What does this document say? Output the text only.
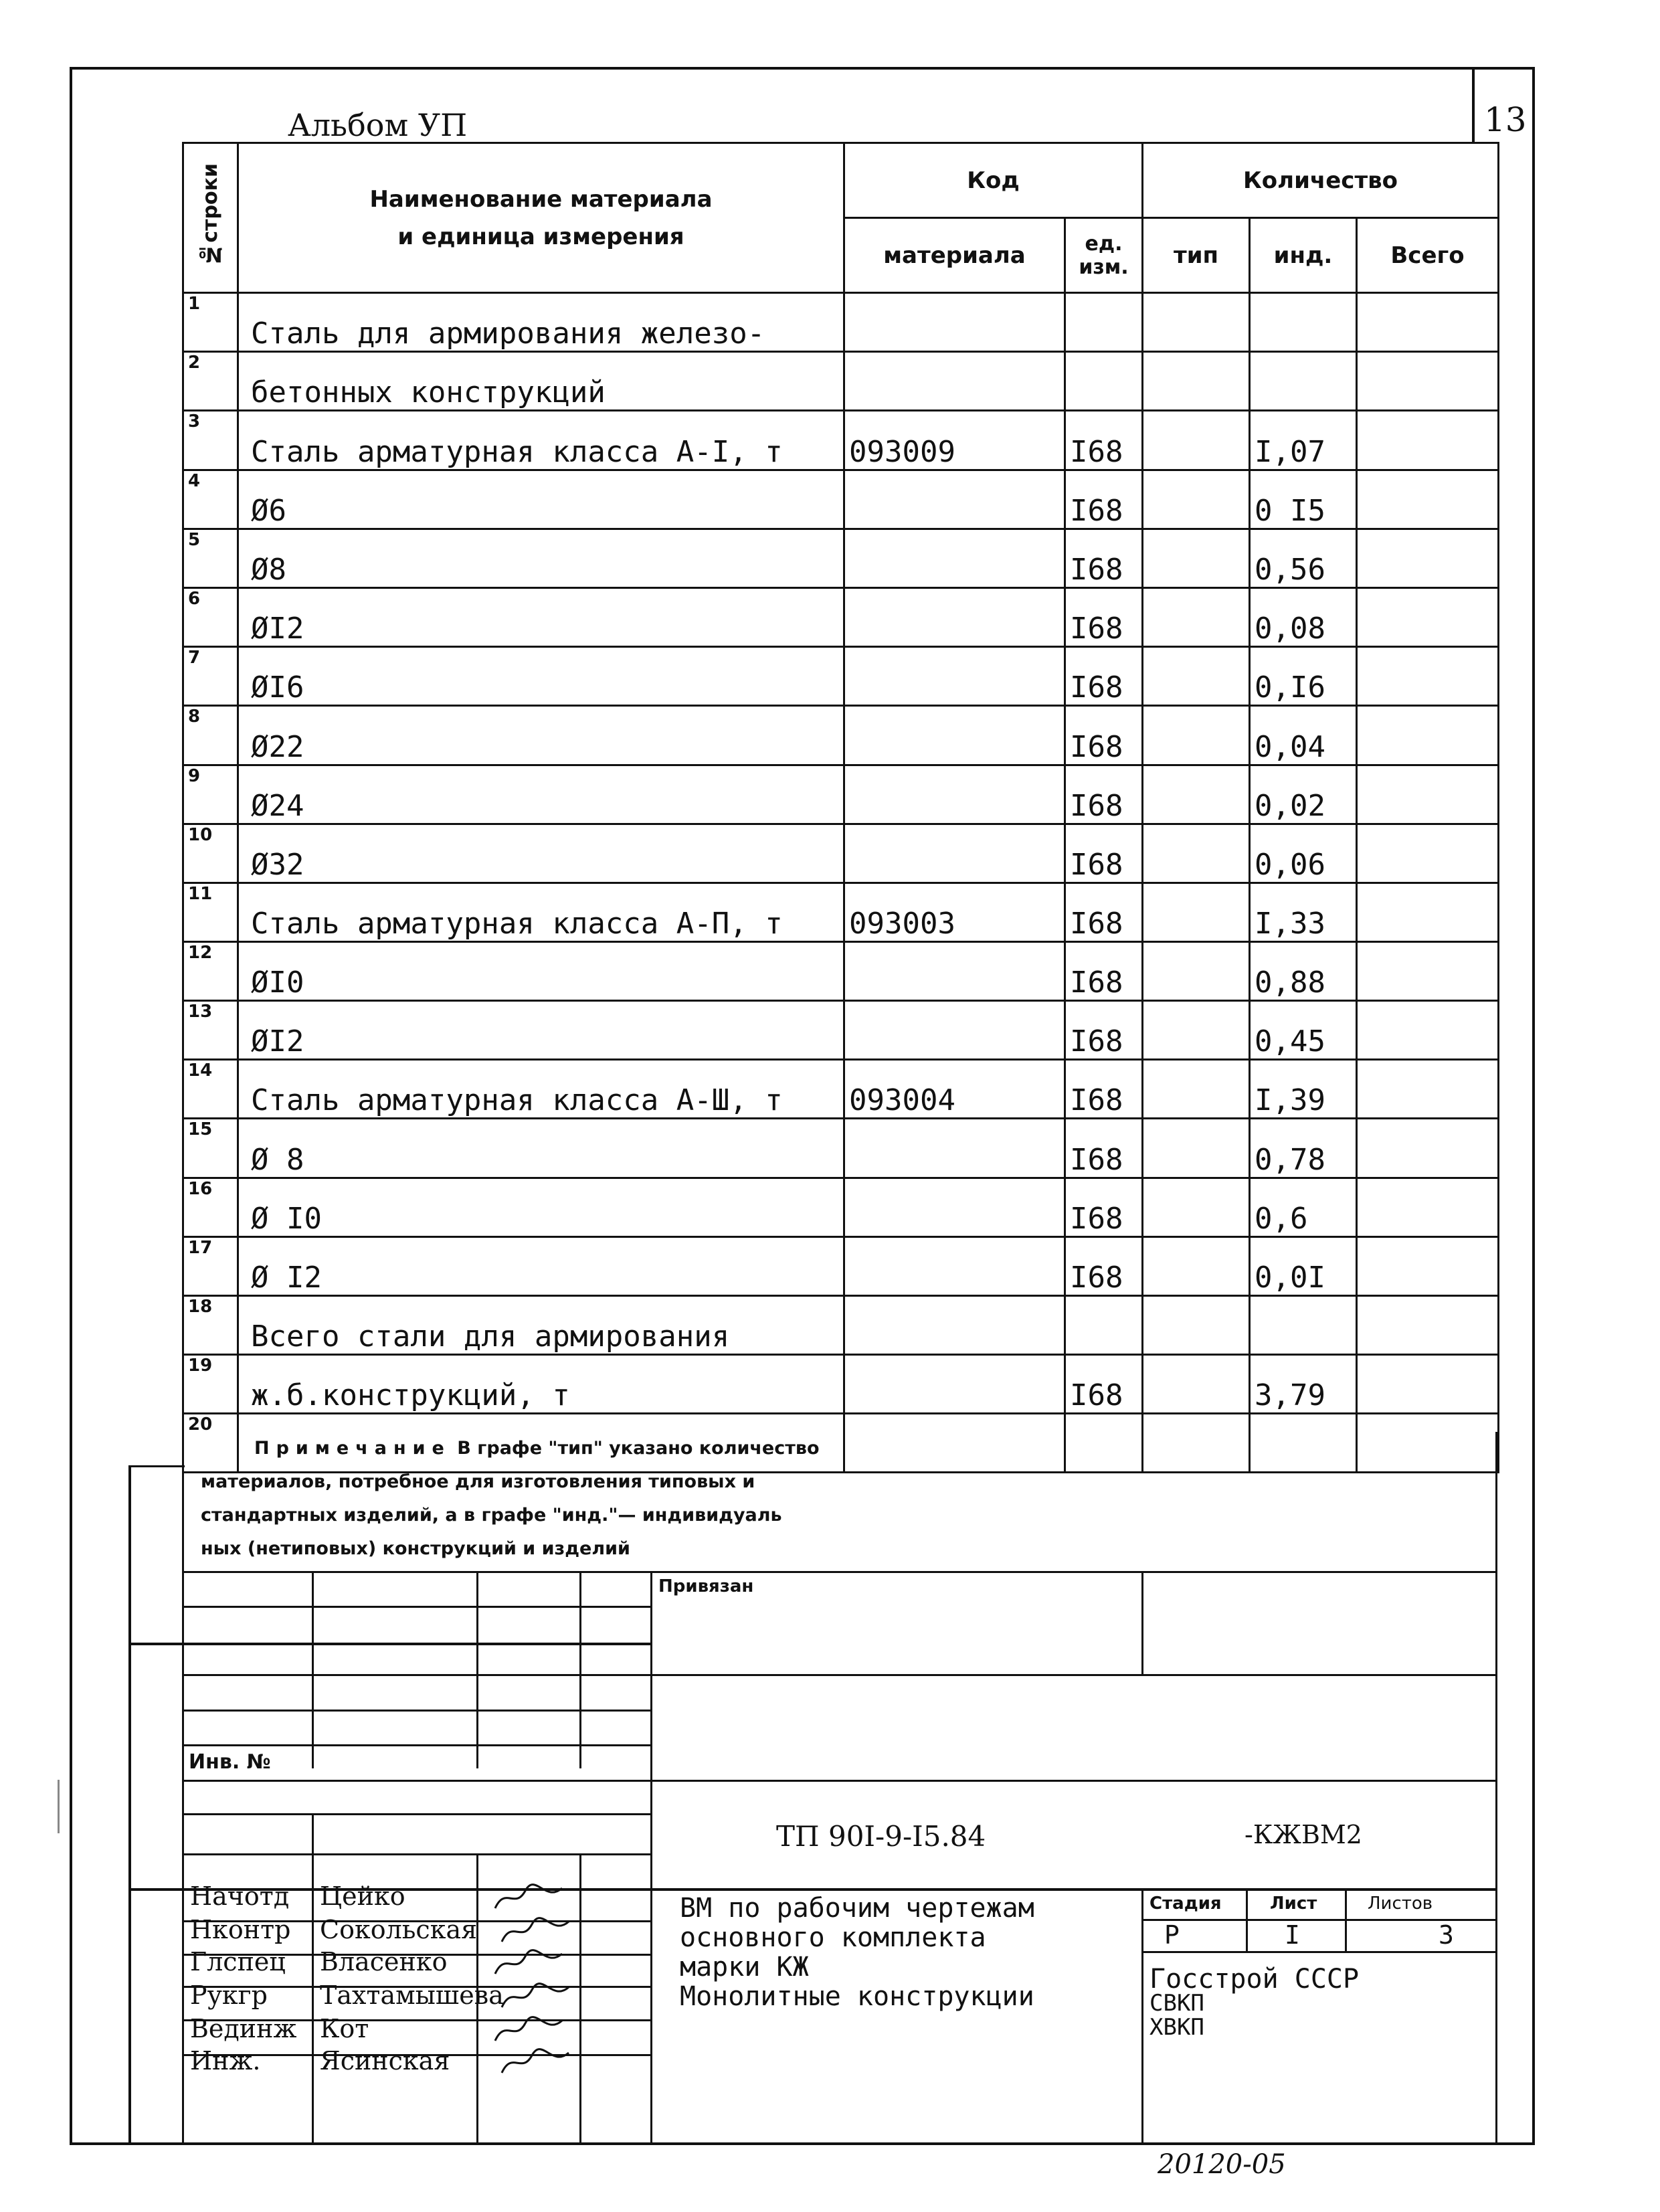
Альбом УП	13
№строки	Наименование материала
и единица измерения	Код		Количество		
		материала	ед. изм.	тип	инд.	Всего
1	Сталь для армирования железо-					
2	бетонных конструкций					
3	Сталь арматурная класса А-I, т	093009	I68		I,07	
4	Ø6		I68		0 I5	
5	Ø8		I68		0,56	
6	ØI2		I68		0,08	
7	ØI6		I68		0,I6	
8	Ø22		I68		0,04	
9	Ø24		I68		0,02	
10	Ø32		I68		0,06	
11	Сталь арматурная класса А-П, т	093003	I68		I,33	
12	ØI0		I68		0,88	
13	ØI2		I68		0,45	
14	Сталь арматурная класса А-Ш, т	093004	I68		I,39	
15	Ø 8		I68		0,78	
16	Ø I0		I68		0,6	
17	Ø I2		I68		0,0I	
18	Всего стали для армирования					
19	ж.б.конструкций, т		I68		3,79	
20						
Примечание В графе "тип" указано количество
материалов, потребное для изготовления типовых и
стандартных изделий, а в графе "инд."— индивидуаль
ных (нетиповых) конструкций и изделий
Привязан
Инв. №
ТП 90I-9-I5.84	-КЖВМ2
ВМ по рабочим чертежам
основного комплекта
марки КЖ
Монолитные конструкции
Стадия	Лист	Листов
Р	I	3
Госстрой СССР
СВКП
ХВКП
Начотд Цейко
Нконтр Сокольская
Глспец Власенко
Рукгр Тахтамышева
Вединж Кот
Инж. Ясинская
20120-05
